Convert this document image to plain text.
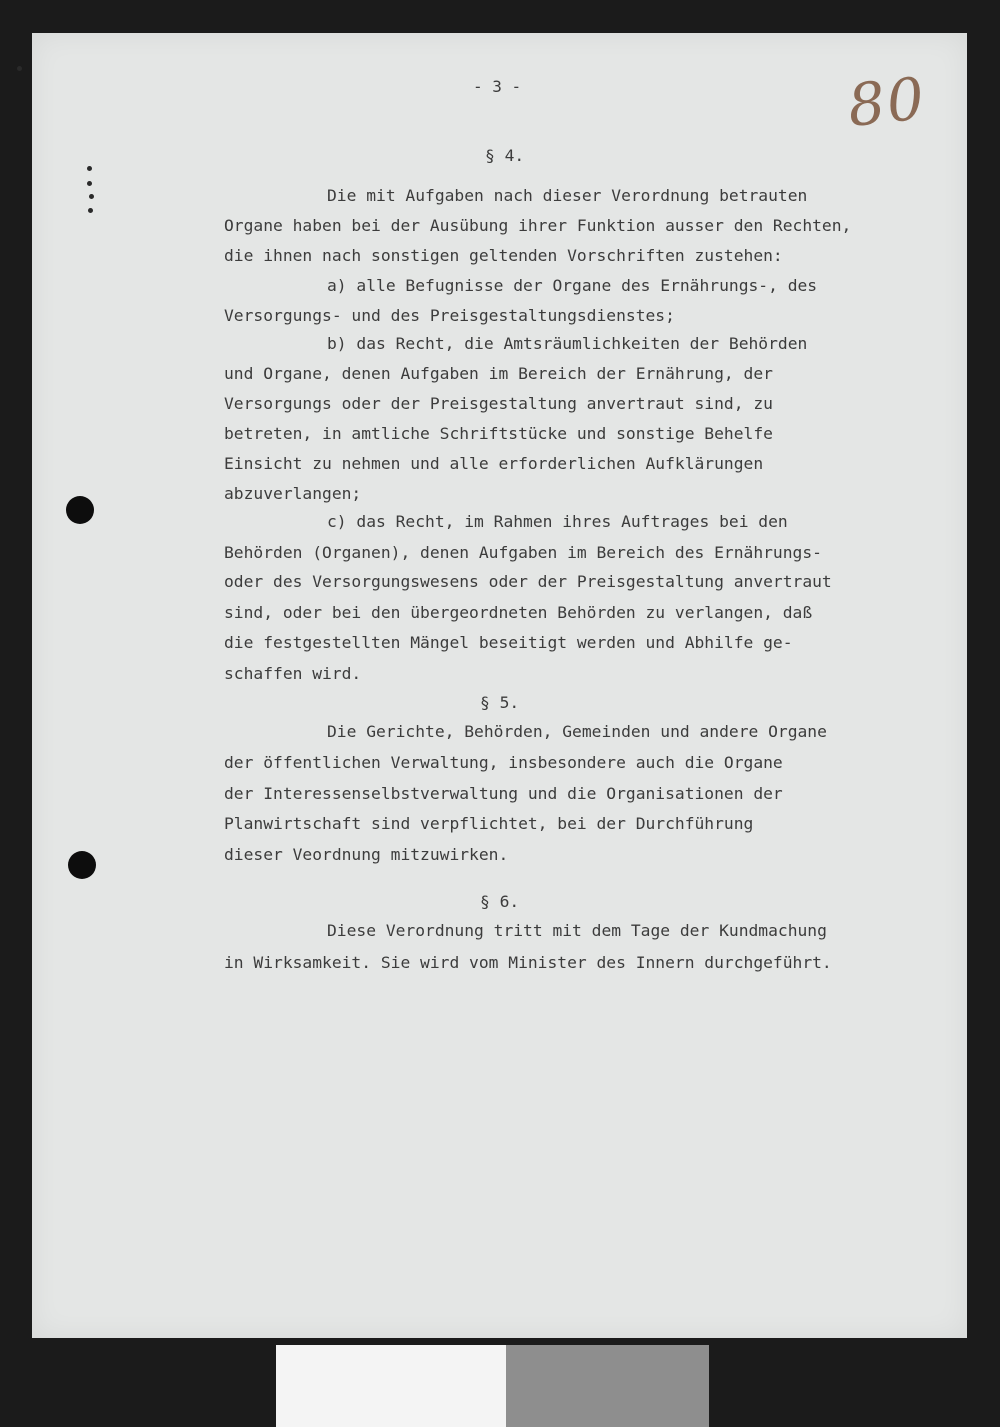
- 3 -	80

§ 4.

Die mit Aufgaben nach dieser Verordnung betrauten

Organe haben bei der Ausübung ihrer Funktion ausser den Rechten,

die ihnen nach sonstigen geltenden Vorschriften zustehen:

a) alle Befugnisse der Organe des Ernährungs-, des

Versorgungs- und des Preisgestaltungsdienstes;

b) das Recht, die Amtsräumlichkeiten der Behörden

und Organe, denen Aufgaben im Bereich der Ernährung, der

Versorgungs oder der Preisgestaltung anvertraut sind, zu

betreten, in amtliche Schriftstücke und sonstige Behelfe

Einsicht zu nehmen und alle erforderlichen Aufklärungen

abzuverlangen;

c) das Recht, im Rahmen ihres Auftrages bei den

Behörden (Organen), denen Aufgaben im Bereich des Ernährungs-

oder des Versorgungswesens oder der Preisgestaltung anvertraut

sind, oder bei den übergeordneten Behörden zu verlangen, daß

die festgestellten Mängel beseitigt werden und Abhilfe ge-

schaffen wird.

§ 5.

Die Gerichte, Behörden, Gemeinden und andere Organe

der öffentlichen Verwaltung, insbesondere auch die Organe

der Interessenselbstverwaltung und die Organisationen der

Planwirtschaft sind verpflichtet, bei der Durchführung

dieser Veordnung mitzuwirken.

§ 6.

Diese Verordnung tritt mit dem Tage der Kundmachung

in Wirksamkeit. Sie wird vom Minister des Innern durchgeführt.
